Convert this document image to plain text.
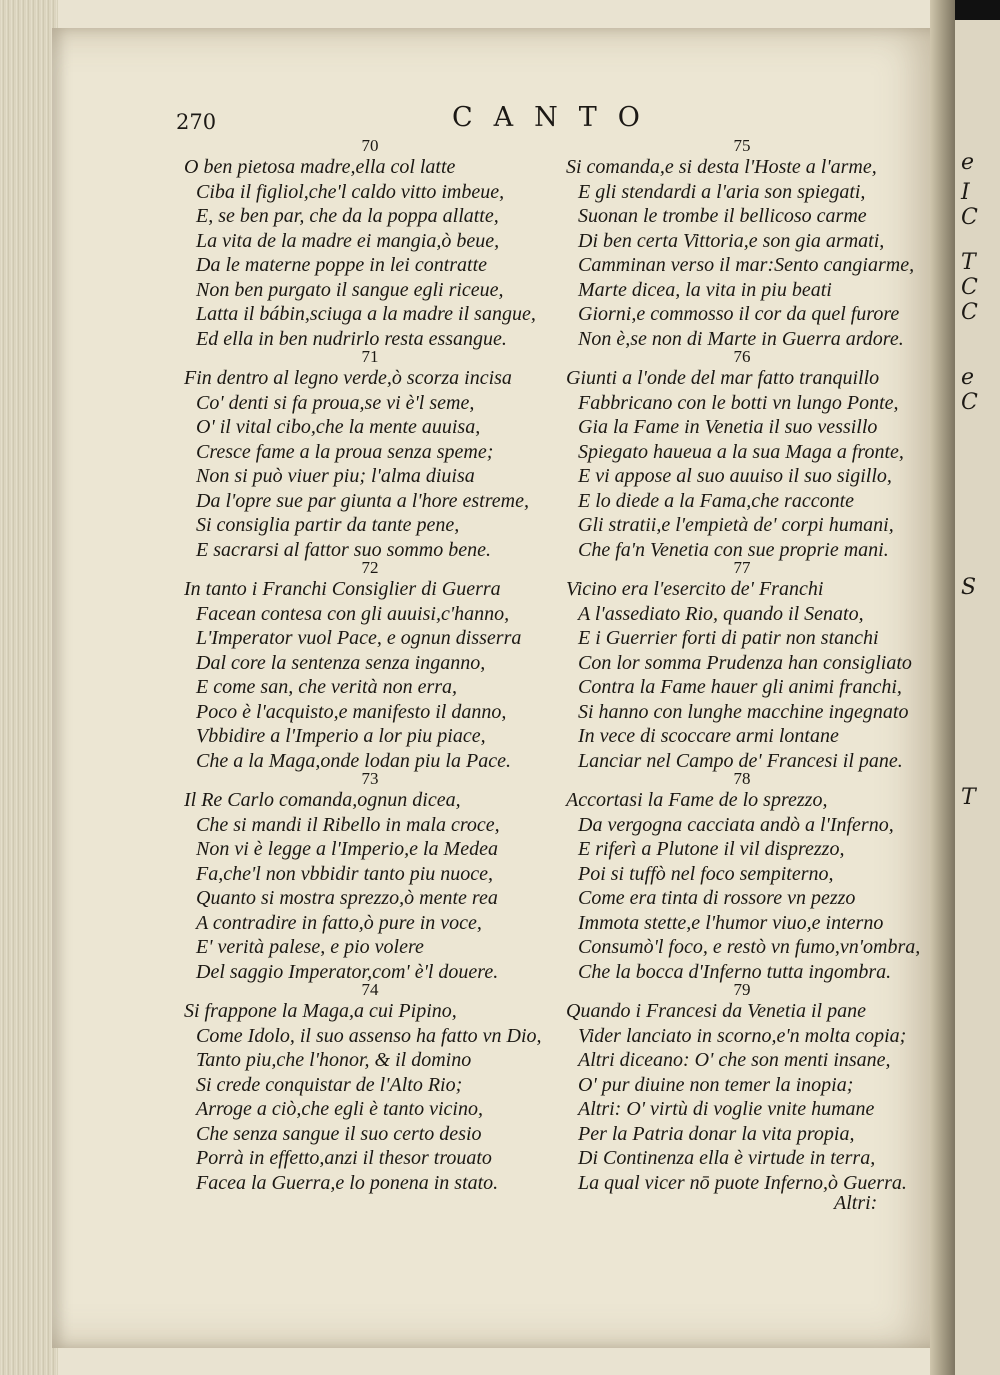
e
I
C
T
C
C
e
C
S
T
270	CANTO
70
O ben pietosa madre,ella col latte
Ciba il figliol,che'l caldo vitto imbeue,
E, se ben par, che da la poppa allatte,
La vita de la madre ei mangia,ò beue,
Da le materne poppe in lei contratte
Non ben purgato il sangue egli riceue,
Latta il bábin,sciuga a la madre il sangue,
Ed ella in ben nudrirlo resta essangue.
71
Fin dentro al legno verde,ò scorza incisa
Co' denti si fa proua,se vi è'l seme,
O' il vital cibo,che la mente auuisa,
Cresce fame a la proua senza speme;
Non si può viuer piu; l'alma diuisa
Da l'opre sue par giunta a l'hore estreme,
Si consiglia partir da tante pene,
E sacrarsi al fattor suo sommo bene.
72
In tanto i Franchi Consiglier di Guerra
Facean contesa con gli auuisi,c'hanno,
L'Imperator vuol Pace, e ognun disserra
Dal core la sentenza senza inganno,
E come san, che verità non erra,
Poco è l'acquisto,e manifesto il danno,
Vbbidire a l'Imperio a lor piu piace,
Che a la Maga,onde lodan piu la Pace.
73
Il Re Carlo comanda,ognun dicea,
Che si mandi il Ribello in mala croce,
Non vi è legge a l'Imperio,e la Medea
Fa,che'l non vbbidir tanto piu nuoce,
Quanto si mostra sprezzo,ò mente rea
A contradire in fatto,ò pure in voce,
E' verità palese, e pio volere
Del saggio Imperator,com' è'l douere.
74
Si frappone la Maga,a cui Pipino,
Come Idolo, il suo assenso ha fatto vn Dio,
Tanto piu,che l'honor, & il domino
Si crede conquistar de l'Alto Rio;
Arroge a ciò,che egli è tanto vicino,
Che senza sangue il suo certo desio
Porrà in effetto,anzi il thesor trouato
Facea la Guerra,e lo ponena in stato.
75
Si comanda,e si desta l'Hoste a l'arme,
E gli stendardi a l'aria son spiegati,
Suonan le trombe il bellicoso carme
Di ben certa Vittoria,e son gia armati,
Camminan verso il mar:Sento cangiarme,
Marte dicea, la vita in piu beati
Giorni,e commosso il cor da quel furore
Non è,se non di Marte in Guerra ardore.
76
Giunti a l'onde del mar fatto tranquillo
Fabbricano con le botti vn lungo Ponte,
Gia la Fame in Venetia il suo vessillo
Spiegato haueua a la sua Maga a fronte,
E vi appose al suo auuiso il suo sigillo,
E lo diede a la Fama,che racconte
Gli stratii,e l'empietà de' corpi humani,
Che fa'n Venetia con sue proprie mani.
77
Vicino era l'esercito de' Franchi
A l'assediato Rio, quando il Senato,
E i Guerrier forti di patir non stanchi
Con lor somma Prudenza han consigliato
Contra la Fame hauer gli animi franchi,
Si hanno con lunghe macchine ingegnato
In vece di scoccare armi lontane
Lanciar nel Campo de' Francesi il pane.
78
Accortasi la Fame de lo sprezzo,
Da vergogna cacciata andò a l'Inferno,
E riferì a Plutone il vil disprezzo,
Poi si tuffò nel foco sempiterno,
Come era tinta di rossore vn pezzo
Immota stette,e l'humor viuo,e interno
Consumò'l foco, e restò vn fumo,vn'ombra,
Che la bocca d'Inferno tutta ingombra.
79
Quando i Francesi da Venetia il pane
Vider lanciato in scorno,e'n molta copia;
Altri diceano: O' che son menti insane,
O' pur diuine non temer la inopia;
Altri: O' virtù di voglie vnite humane
Per la Patria donar la vita propia,
Di Continenza ella è virtude in terra,
La qual vicer nō puote Inferno,ò Guerra.
Altri:
